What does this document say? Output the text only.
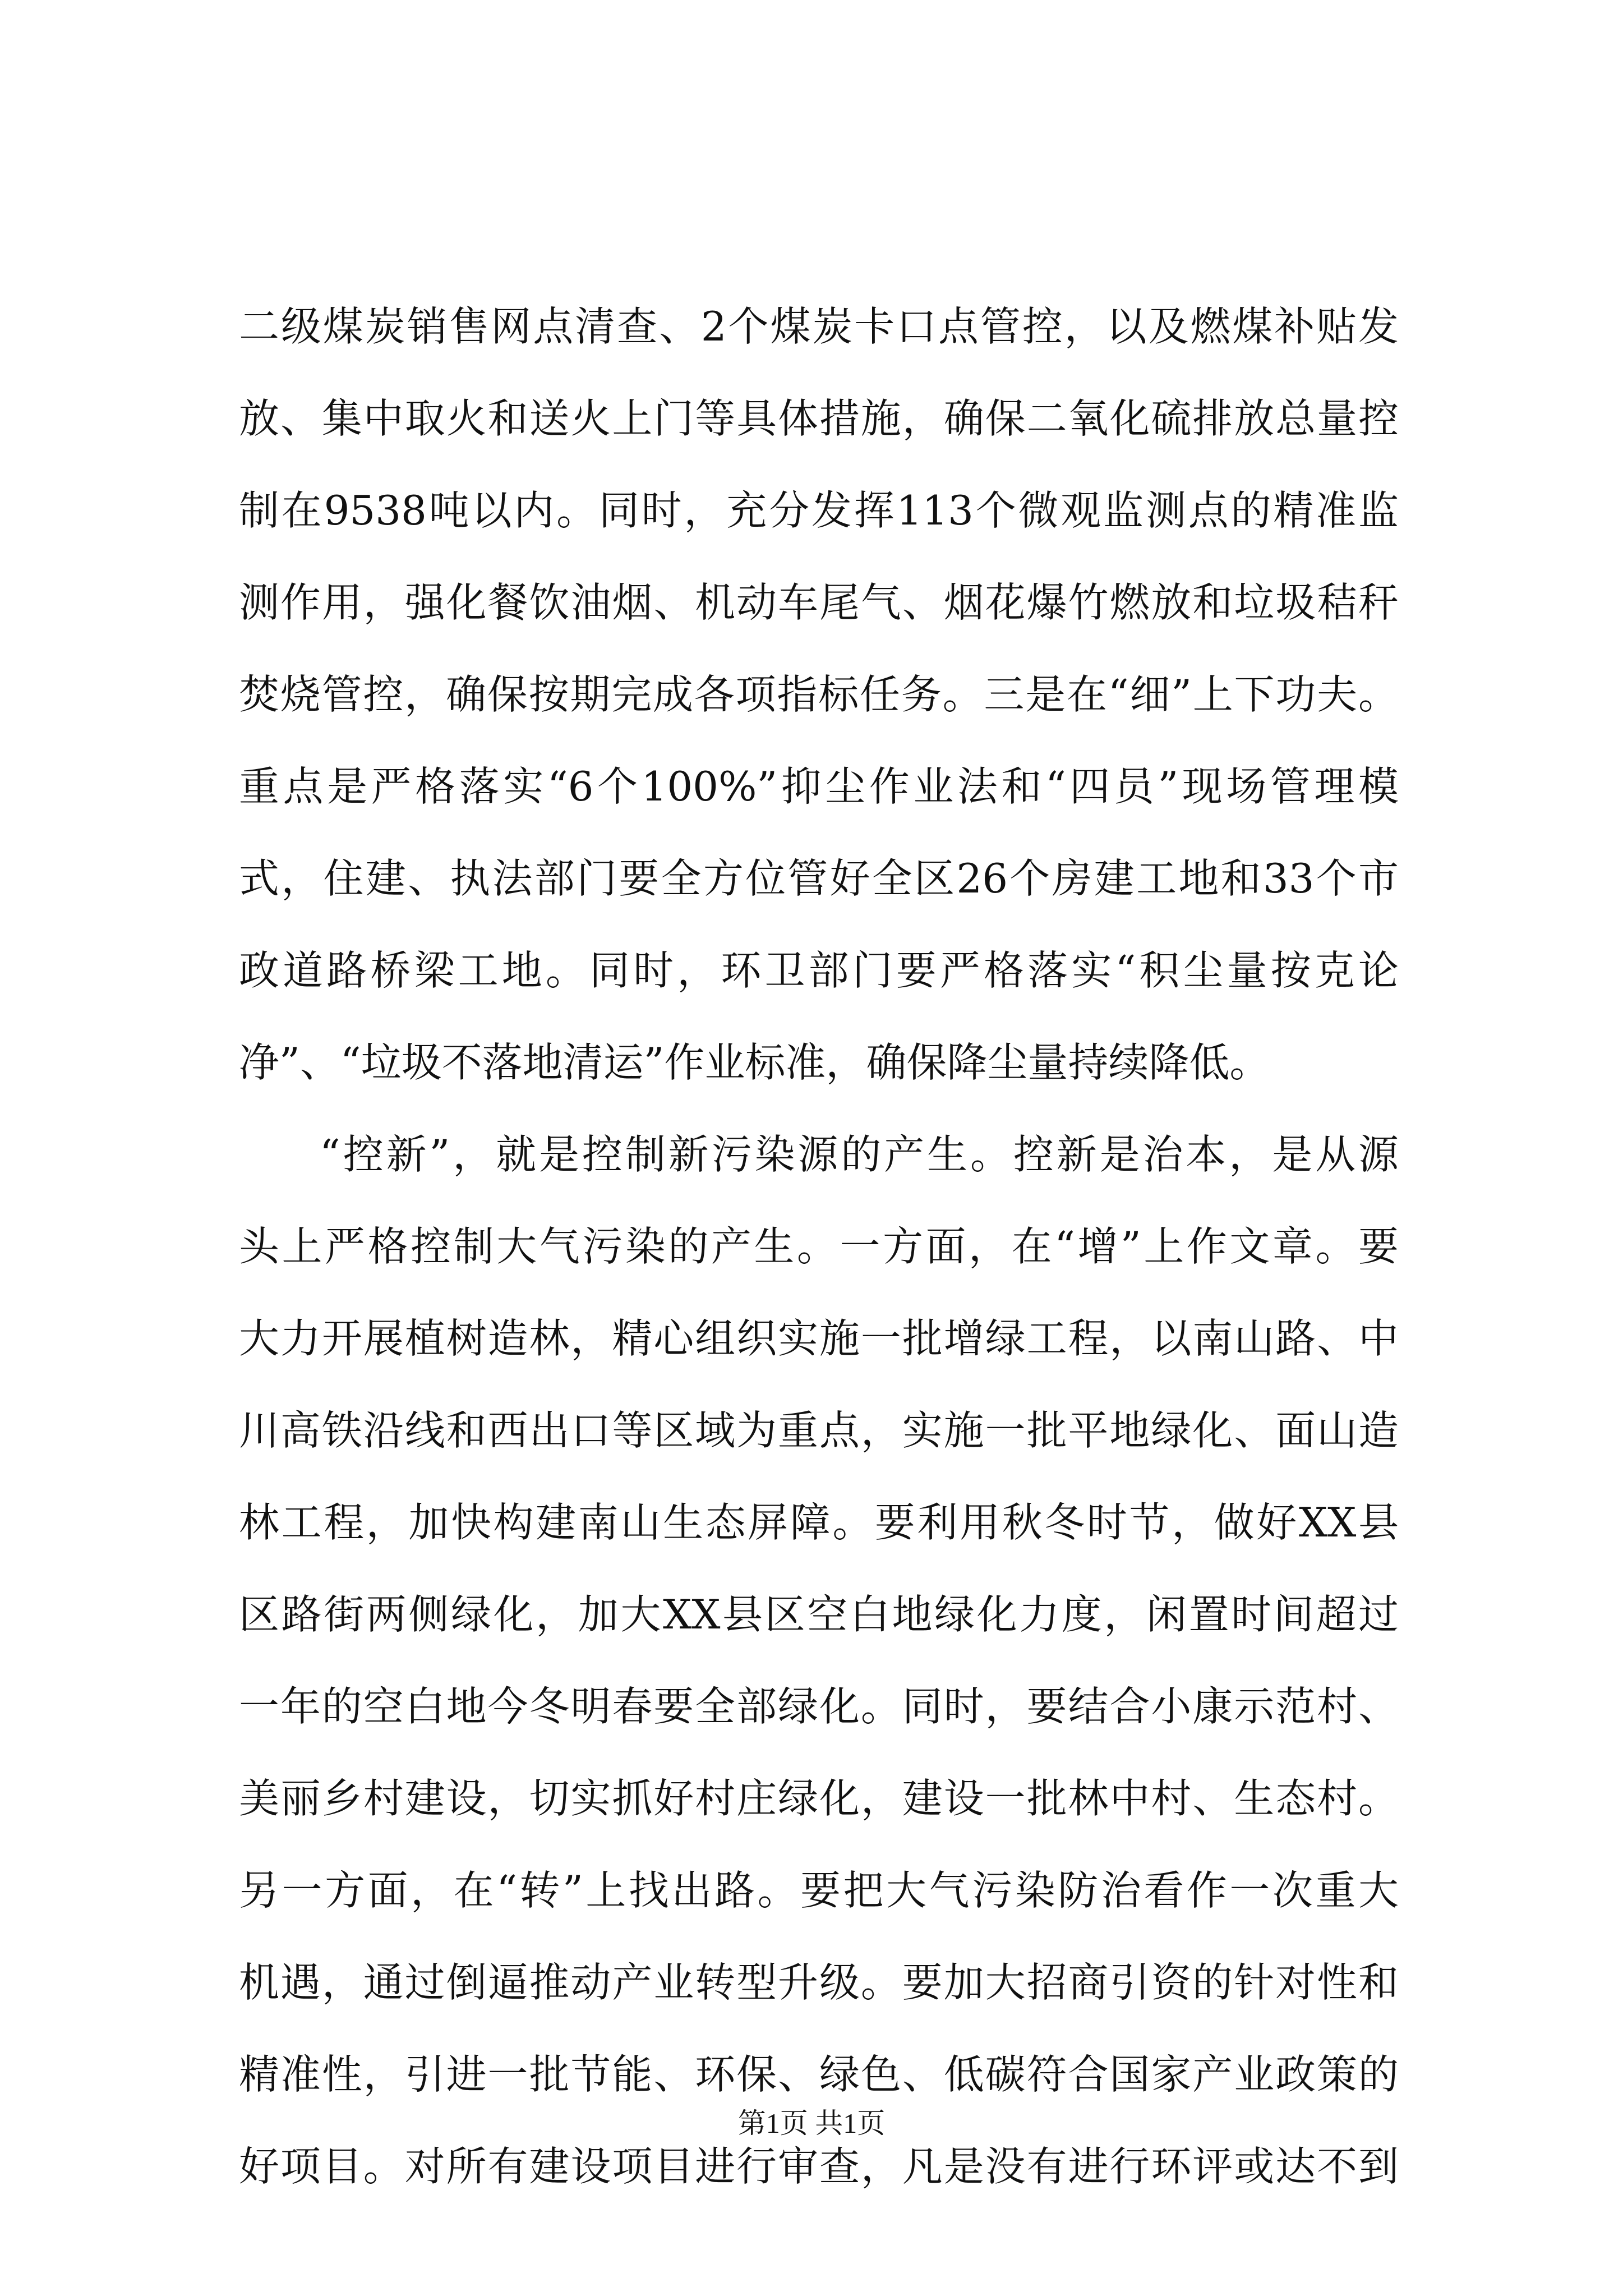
二级煤炭销售网点清查、2个煤炭卡口点管控，以及燃煤补贴发
放、集中取火和送火上门等具体措施，确保二氧化硫排放总量控
制在9538吨以内。同时，充分发挥113个微观监测点的精准监
测作用，强化餐饮油烟、机动车尾气、烟花爆竹燃放和垃圾秸秆
焚烧管控，确保按期完成各项指标任务。三是在“细”上下功夫。
重点是严格落实“6个100%”抑尘作业法和“四员”现场管理模
式，住建、执法部门要全方位管好全区26个房建工地和33个市
政道路桥梁工地。同时，环卫部门要严格落实“积尘量按克论
净”、“垃圾不落地清运”作业标准，确保降尘量持续降低。
“控新”，就是控制新污染源的产生。控新是治本，是从源
头上严格控制大气污染的产生。一方面，在“增”上作文章。要
大力开展植树造林，精心组织实施一批增绿工程，以南山路、中
川高铁沿线和西出口等区域为重点，实施一批平地绿化、面山造
林工程，加快构建南山生态屏障。要利用秋冬时节，做好XX县
区路街两侧绿化，加大XX县区空白地绿化力度，闲置时间超过
一年的空白地今冬明春要全部绿化。同时，要结合小康示范村、
美丽乡村建设，切实抓好村庄绿化，建设一批林中村、生态村。
另一方面，在“转”上找出路。要把大气污染防治看作一次重大
机遇，通过倒逼推动产业转型升级。要加大招商引资的针对性和
精准性，引进一批节能、环保、绿色、低碳符合国家产业政策的
好项目。对所有建设项目进行审查，凡是没有进行环评或达不到
第1页 共1页
